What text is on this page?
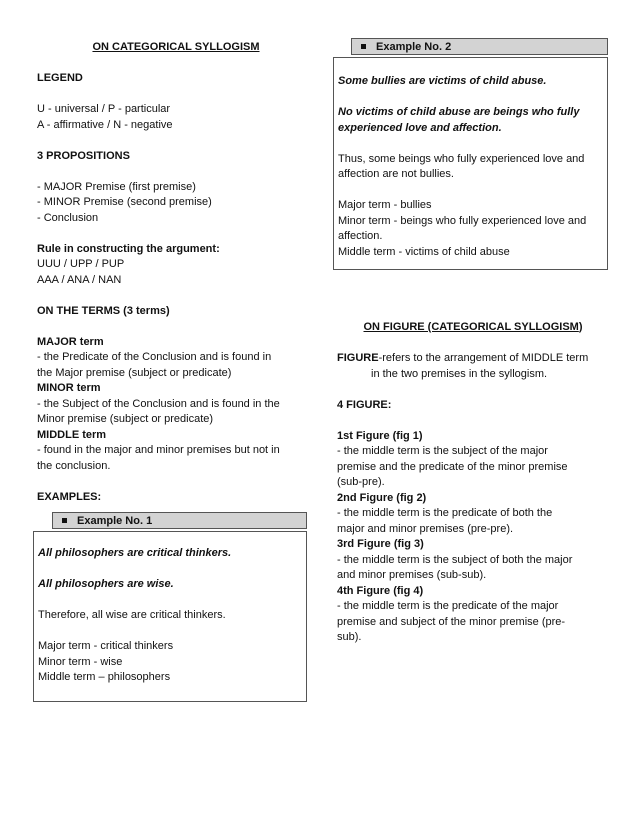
ON CATEGORICAL SYLLOGISM

LEGEND

U - universal / P - particular

A - affirmative / N - negative

3 PROPOSITIONS

- MAJOR Premise (first premise)

- MINOR Premise (second premise)

- Conclusion

Rule in constructing the argument:

UUU / UPP / PUP

AAA / ANA / NAN

ON THE TERMS (3 terms)

MAJOR term

- the Predicate of the Conclusion and is found in

the Major premise (subject or predicate)

MINOR term

- the Subject of the Conclusion and is found in the

Minor premise (subject or predicate)

MIDDLE term

- found in the major and minor premises but not in

the conclusion.

EXAMPLES:

Example No. 1

All philosophers are critical thinkers.

All philosophers are wise.

Therefore, all wise are critical thinkers.

Major term - critical thinkers

Minor term - wise

Middle term – philosophers

Example No. 2

Some bullies are victims of child abuse.

No victims of child abuse are beings who fully

experienced love and affection.

Thus, some beings who fully experienced love and

affection are not bullies.

Major term - bullies

Minor term - beings who fully experienced love and

affection.

Middle term - victims of child abuse

ON FIGURE (CATEGORICAL SYLLOGISM)

FIGURE-refers to the arrangement of MIDDLE term

in the two premises in the syllogism.

4 FIGURE:

1st Figure (fig 1)

- the middle term is the subject of the major

premise and the predicate of the minor premise

(sub-pre).

2nd Figure (fig 2)

- the middle term is the predicate of both the

major and minor premises (pre-pre).

3rd Figure (fig 3)

- the middle term is the subject of both the major

and minor premises (sub-sub).

4th Figure (fig 4)

- the middle term is the predicate of the major

premise and subject of the minor premise (pre-

sub).
